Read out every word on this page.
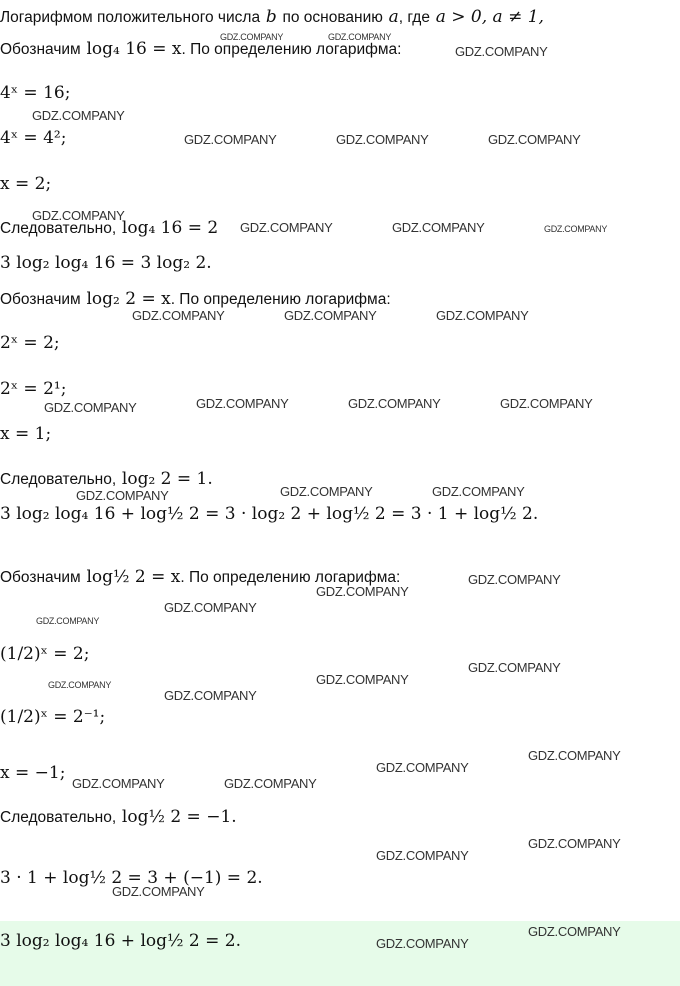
Логарифмом положительного числа b по основанию a, где a > 0, a ≠ 1,
Обозначим log₄ 16 = x. По определению логарифма:
4ˣ = 16;
4ˣ = 4²;
x = 2;
Следовательно, log₄ 16 = 2
3 log₂ log₄ 16 = 3 log₂ 2.
Обозначим log₂ 2 = x. По определению логарифма:
2ˣ = 2;
2ˣ = 2¹;
x = 1;
Следовательно, log₂ 2 = 1.
3 log₂ log₄ 16 + log½ 2 = 3 · log₂ 2 + log½ 2 = 3 · 1 + log½ 2.
Обозначим log½ 2 = x. По определению логарифма:
(1/2)ˣ = 2;
(1/2)ˣ = 2⁻¹;
x = −1;
Следовательно, log½ 2 = −1.
3 · 1 + log½ 2 = 3 + (−1) = 2.
3 log₂ log₄ 16 + log½ 2 = 2.
GDZ.COMPANY	GDZ.COMPANY
GDZ.COMPANY
GDZ.COMPANY
GDZ.COMPANY	GDZ.COMPANY	GDZ.COMPANY
GDZ.COMPANY
GDZ.COMPANY	GDZ.COMPANY	GDZ.COMPANY
GDZ.COMPANY	GDZ.COMPANY	GDZ.COMPANY
GDZ.COMPANY	GDZ.COMPANY	GDZ.COMPANY	GDZ.COMPANY
GDZ.COMPANY	GDZ.COMPANY	GDZ.COMPANY
GDZ.COMPANY
GDZ.COMPANY
GDZ.COMPANY
GDZ.COMPANY
GDZ.COMPANY
GDZ.COMPANY
GDZ.COMPANY
GDZ.COMPANY
GDZ.COMPANY
GDZ.COMPANY
GDZ.COMPANY	GDZ.COMPANY
GDZ.COMPANY
GDZ.COMPANY
GDZ.COMPANY
GDZ.COMPANY
GDZ.COMPANY
